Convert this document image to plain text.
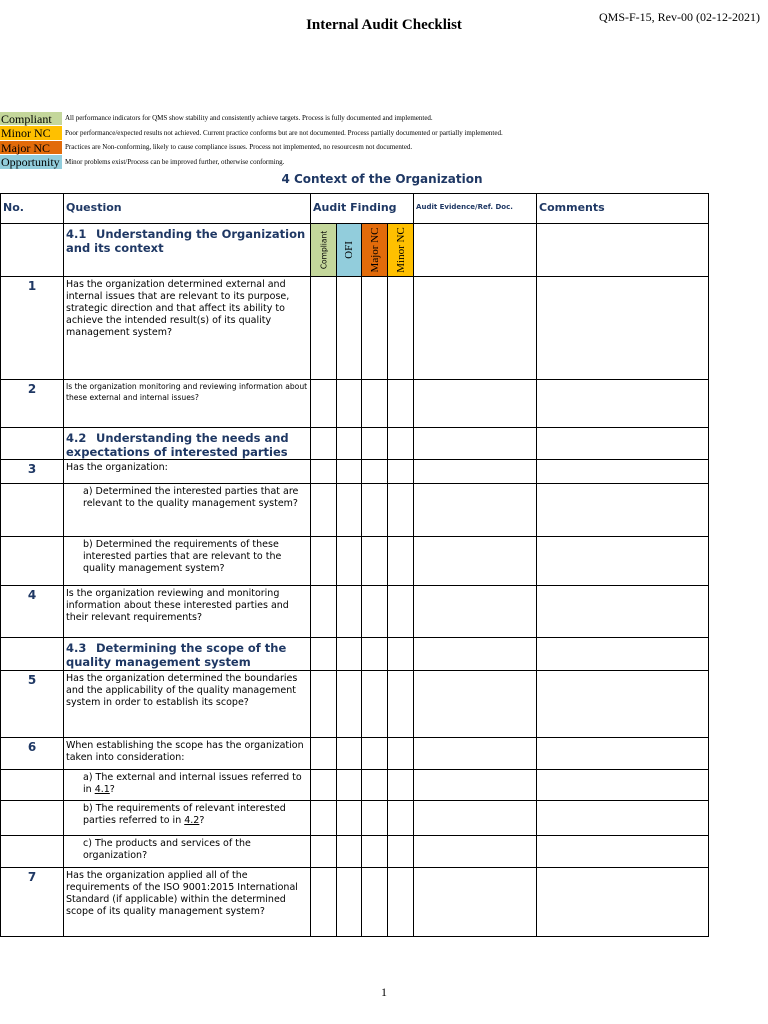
Internal Audit Checklist	QMS-F-15, Rev-00 (02-12-2021)
Compliant	All performance indicators for QMS show stability and consistently achieve targets. Process is fully documented and implemented.
Minor NC	Poor performance/expected results not achieved. Current practice conforms but are not documented. Process partially documented or partially implemented.
Major NC	Practices are Non-conforming, likely to cause compliance issues. Process not implemented, no resourcesm not documented.
Opportunity Minor problems exist/Process can be improved further, otherwise conforming.
4 Context of the Organization
No.	Question	Audit Finding				Audit Evidence/Ref. Doc.	Comments
	4.1 Understanding the Organization and its context	Compliant	OFI	Major NC	Minor NC		

1	Has the organization determined external and internal issues that are relevant to its purpose, strategic direction and that affect its ability to achieve the intended result(s) of its quality management system?						
2	Is the organization monitoring and reviewing information about these external and internal issues?						
	4.2 Understanding the needs and expectations of interested parties						
3	Has the organization:						
	a) Determined the interested parties that are relevant to the quality management system?						
	b) Determined the requirements of these interested parties that are relevant to the quality management system?						
4	Is the organization reviewing and monitoring information about these interested parties and their relevant requirements?						
	4.3 Determining the scope of the quality management system						
5	Has the organization determined the boundaries and the applicability of the quality management system in order to establish its scope?						
6	When establishing the scope has the organization taken into consideration:						
	a) The external and internal issues referred to in 4.1?						
	b) The requirements of relevant interested parties referred to in 4.2?						
	c) The products and services of the organization?						
7	Has the organization applied all of the requirements of the ISO 9001:2015 International Standard (if applicable) within the determined scope of its quality management system?						
1
